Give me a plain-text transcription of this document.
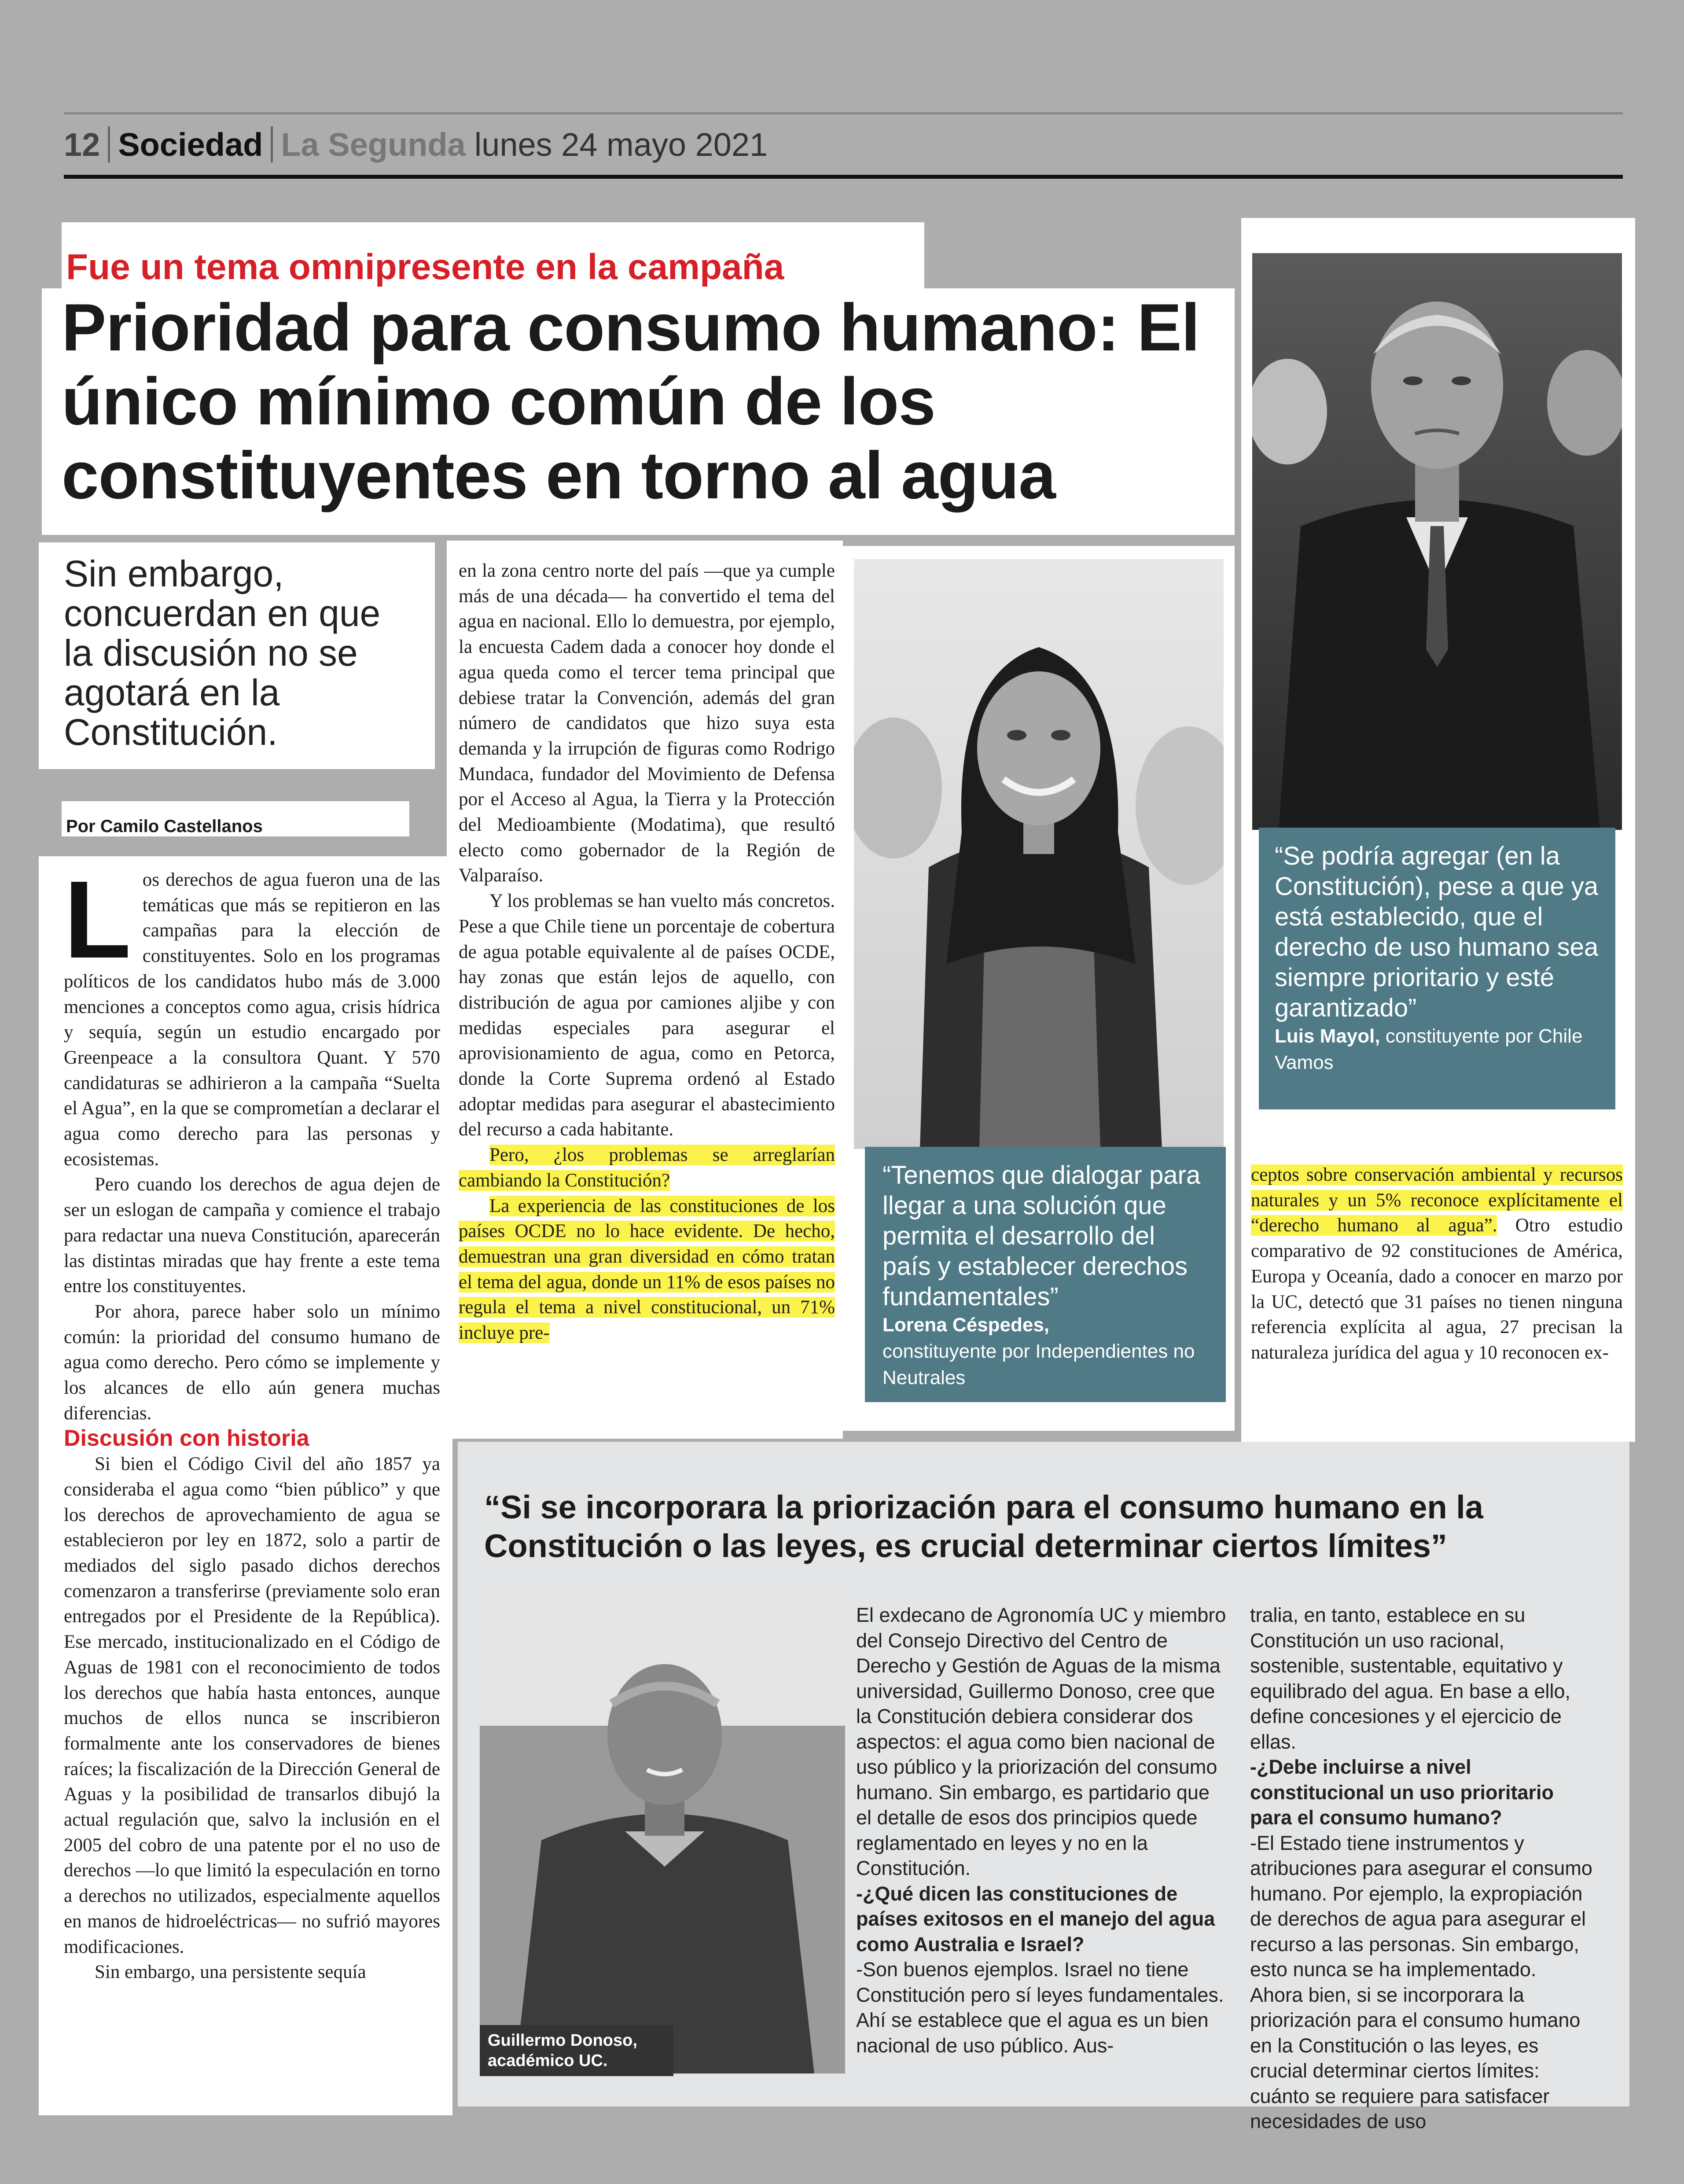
12 Sociedad La Segunda lunes 24 mayo 2021
Fue un tema omnipresente en la campaña
Prioridad para consumo humano: El único mínimo común de los constituyentes en torno al agua
Sin embargo, concuerdan en que la discusión no se agotará en la Constitución.
Por Camilo Castellanos

Los derechos de agua fueron una de las temáticas que más se repitieron en las campañas para la elección de constituyentes. Solo en los programas políticos de los candidatos hubo más de 3.000 menciones a conceptos como agua, crisis hídrica y sequía, según un estudio encargado por Greenpeace a la consultora Quant. Y 570 candidaturas se adhirieron a la campaña “Suelta el Agua”, en la que se comprometían a declarar el agua como derecho para las personas y ecosistemas.

Pero cuando los derechos de agua dejen de ser un eslogan de campaña y comience el trabajo para redactar una nueva Constitución, aparecerán las distintas miradas que hay frente a este tema entre los constituyentes.

Por ahora, parece haber solo un mínimo común: la prioridad del consumo humano de agua como derecho. Pero cómo se implemente y los alcances de ello aún genera muchas diferencias.

Discusión con historia

Si bien el Código Civil del año 1857 ya consideraba el agua como “bien público” y que los derechos de aprovechamiento de agua se establecieron por ley en 1872, solo a partir de mediados del siglo pasado dichos derechos comenzaron a transferirse (previamente solo eran entregados por el Presidente de la República). Ese mercado, institucionalizado en el Código de Aguas de 1981 con el reconocimiento de todos los derechos que había hasta entonces, aunque muchos de ellos nunca se inscribieron formalmente ante los conservadores de bienes raíces; la fiscalización de la Dirección General de Aguas y la posibilidad de transarlos dibujó la actual regulación que, salvo la inclusión en el 2005 del cobro de una patente por el no uso de derechos —lo que limitó la especulación en torno a derechos no utilizados, especialmente aquellos en manos de hidroeléctricas— no sufrió mayores modificaciones.

Sin embargo, una persistente sequía

en la zona centro norte del país —que ya cumple más de una década— ha convertido el tema del agua en nacional. Ello lo demuestra, por ejemplo, la encuesta Cadem dada a conocer hoy donde el agua queda como el tercer tema principal que debiese tratar la Convención, además del gran número de candidatos que hizo suya esta demanda y la irrupción de figuras como Rodrigo Mundaca, fundador del Movimiento de Defensa por el Acceso al Agua, la Tierra y la Protección del Medioambiente (Modatima), que resultó electo como gobernador de la Región de Valparaíso.

Y los problemas se han vuelto más concretos. Pese a que Chile tiene un porcentaje de cobertura de agua potable equivalente al de países OCDE, hay zonas que están lejos de aquello, con distribución de agua por camiones aljibe y con medidas especiales para asegurar el aprovisionamiento de agua, como en Petorca, donde la Corte Suprema ordenó al Estado adoptar medidas para asegurar el abastecimiento del recurso a cada habitante.

Pero, ¿los problemas se arreglarían cambiando la Constitución?

La experiencia de las constituciones de los países OCDE no lo hace evidente. De hecho, demuestran una gran diversidad en cómo tratan el tema del agua, donde un 11% de esos países no regula el tema a nivel constitucional, un 71% incluye pre-

“Tenemos que dialogar para llegar a una solución que permita el desarrollo del país y establecer derechos fundamentales”
Lorena Céspedes,
constituyente por Independientes no Neutrales
“Se podría agregar (en la Constitución), pese a que ya está establecido, que el derecho de uso humano sea siempre prioritario y esté garantizado”
Luis Mayol, constituyente por Chile Vamos

ceptos sobre conservación ambiental y recursos naturales y un 5% reconoce explícitamente el “derecho humano al agua”. Otro estudio comparativo de 92 constituciones de América, Europa y Oceanía, dado a conocer en marzo por la UC, detectó que 31 países no tienen ninguna referencia explícita al agua, 27 precisan la naturaleza jurídica del agua y 10 reconocen ex-

“Si se incorporara la priorización para el consumo humano en la Constitución o las leyes, es crucial determinar ciertos límites”
Guillermo Donoso,
académico UC.

El exdecano de Agronomía UC y miembro del Consejo Directivo del Centro de Derecho y Gestión de Aguas de la misma universidad, Guillermo Donoso, cree que la Constitución debiera considerar dos aspectos: el agua como bien nacional de uso público y la priorización del consumo humano. Sin embargo, es partidario que el detalle de esos dos principios quede reglamentado en leyes y no en la Constitución.

-¿Qué dicen las constituciones de países exitosos en el manejo del agua como Australia e Israel?

-Son buenos ejemplos. Israel no tiene Constitución pero sí leyes fundamentales. Ahí se establece que el agua es un bien nacional de uso público. Aus-

tralia, en tanto, establece en su Constitución un uso racional, sostenible, sustentable, equitativo y equilibrado del agua. En base a ello, define concesiones y el ejercicio de ellas.

-¿Debe incluirse a nivel constitucional un uso prioritario para el consumo humano?

-El Estado tiene instrumentos y atribuciones para asegurar el consumo humano. Por ejemplo, la expropiación de derechos de agua para asegurar el recurso a las personas. Sin embargo, esto nunca se ha implementado. Ahora bien, si se incorporara la priorización para el consumo humano en la Constitución o las leyes, es crucial determinar ciertos límites: cuánto se requiere para satisfacer necesidades de uso
